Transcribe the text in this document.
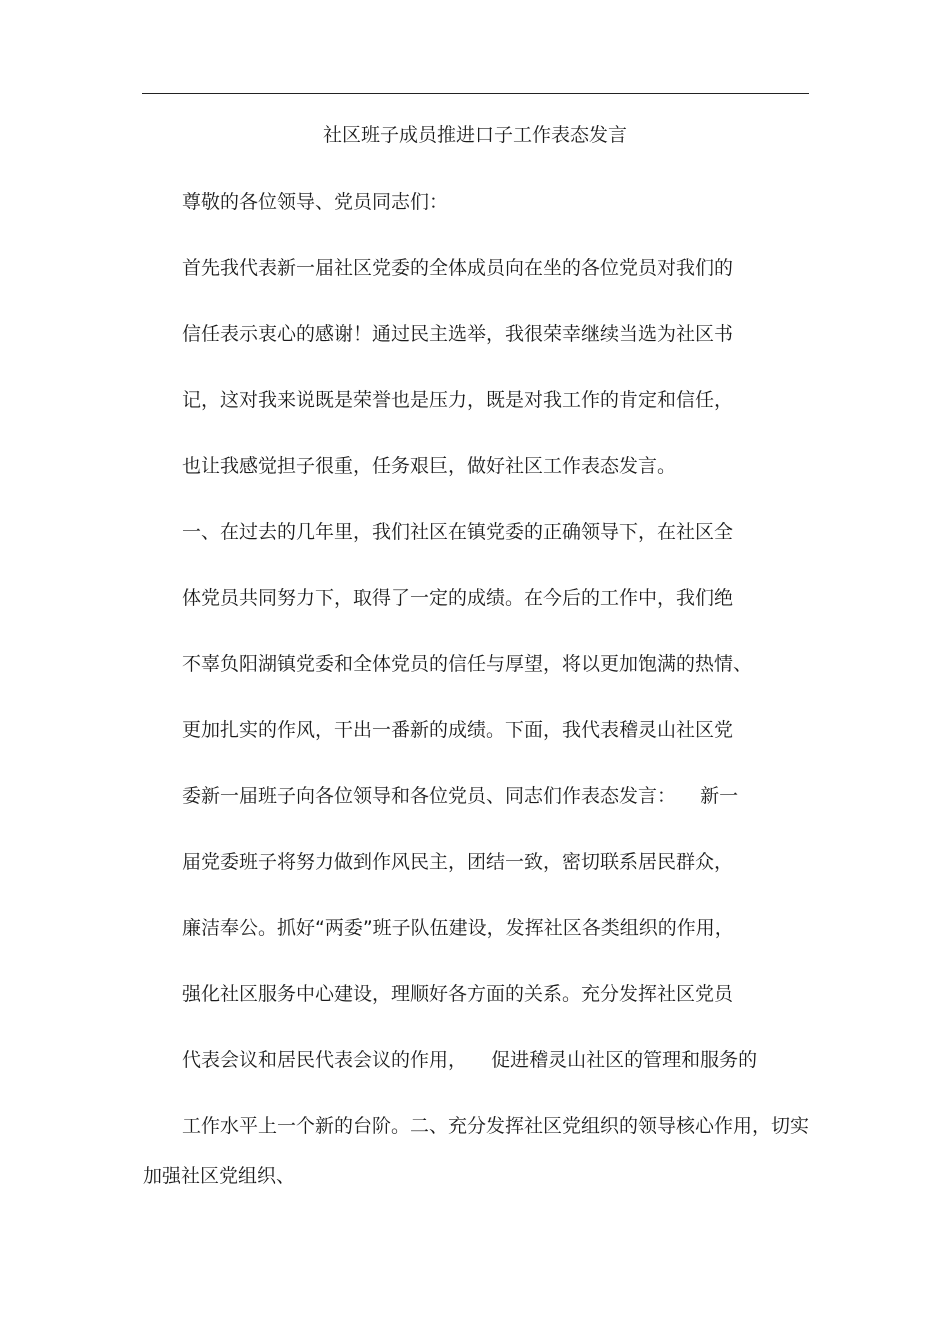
社区班子成员推进口子工作表态发言
尊敬的各位领导、党员同志们：
首先我代表新一届社区党委的全体成员向在坐的各位党员对我们的
信任表示衷心的感谢！通过民主选举，我很荣幸继续当选为社区书
记，这对我来说既是荣誉也是压力，既是对我工作的肯定和信任，
也让我感觉担子很重，任务艰巨，做好社区工作表态发言。
一、在过去的几年里，我们社区在镇党委的正确领导下，在社区全
体党员共同努力下，取得了一定的成绩。在今后的工作中，我们绝
不辜负阳湖镇党委和全体党员的信任与厚望，将以更加饱满的热情、
更加扎实的作风，干出一番新的成绩。下面，我代表稽灵山社区党
委新一届班子向各位领导和各位党员、同志们作表态发言：    新一
届党委班子将努力做到作风民主，团结一致，密切联系居民群众，
廉洁奉公。抓好“两委”班子队伍建设，发挥社区各类组织的作用，
强化社区服务中心建设，理顺好各方面的关系。充分发挥社区党员
代表会议和居民代表会议的作用，    促进稽灵山社区的管理和服务的
工作水平上一个新的台阶。二、充分发挥社区党组织的领导核心作用，切实
加强社区党组织、
